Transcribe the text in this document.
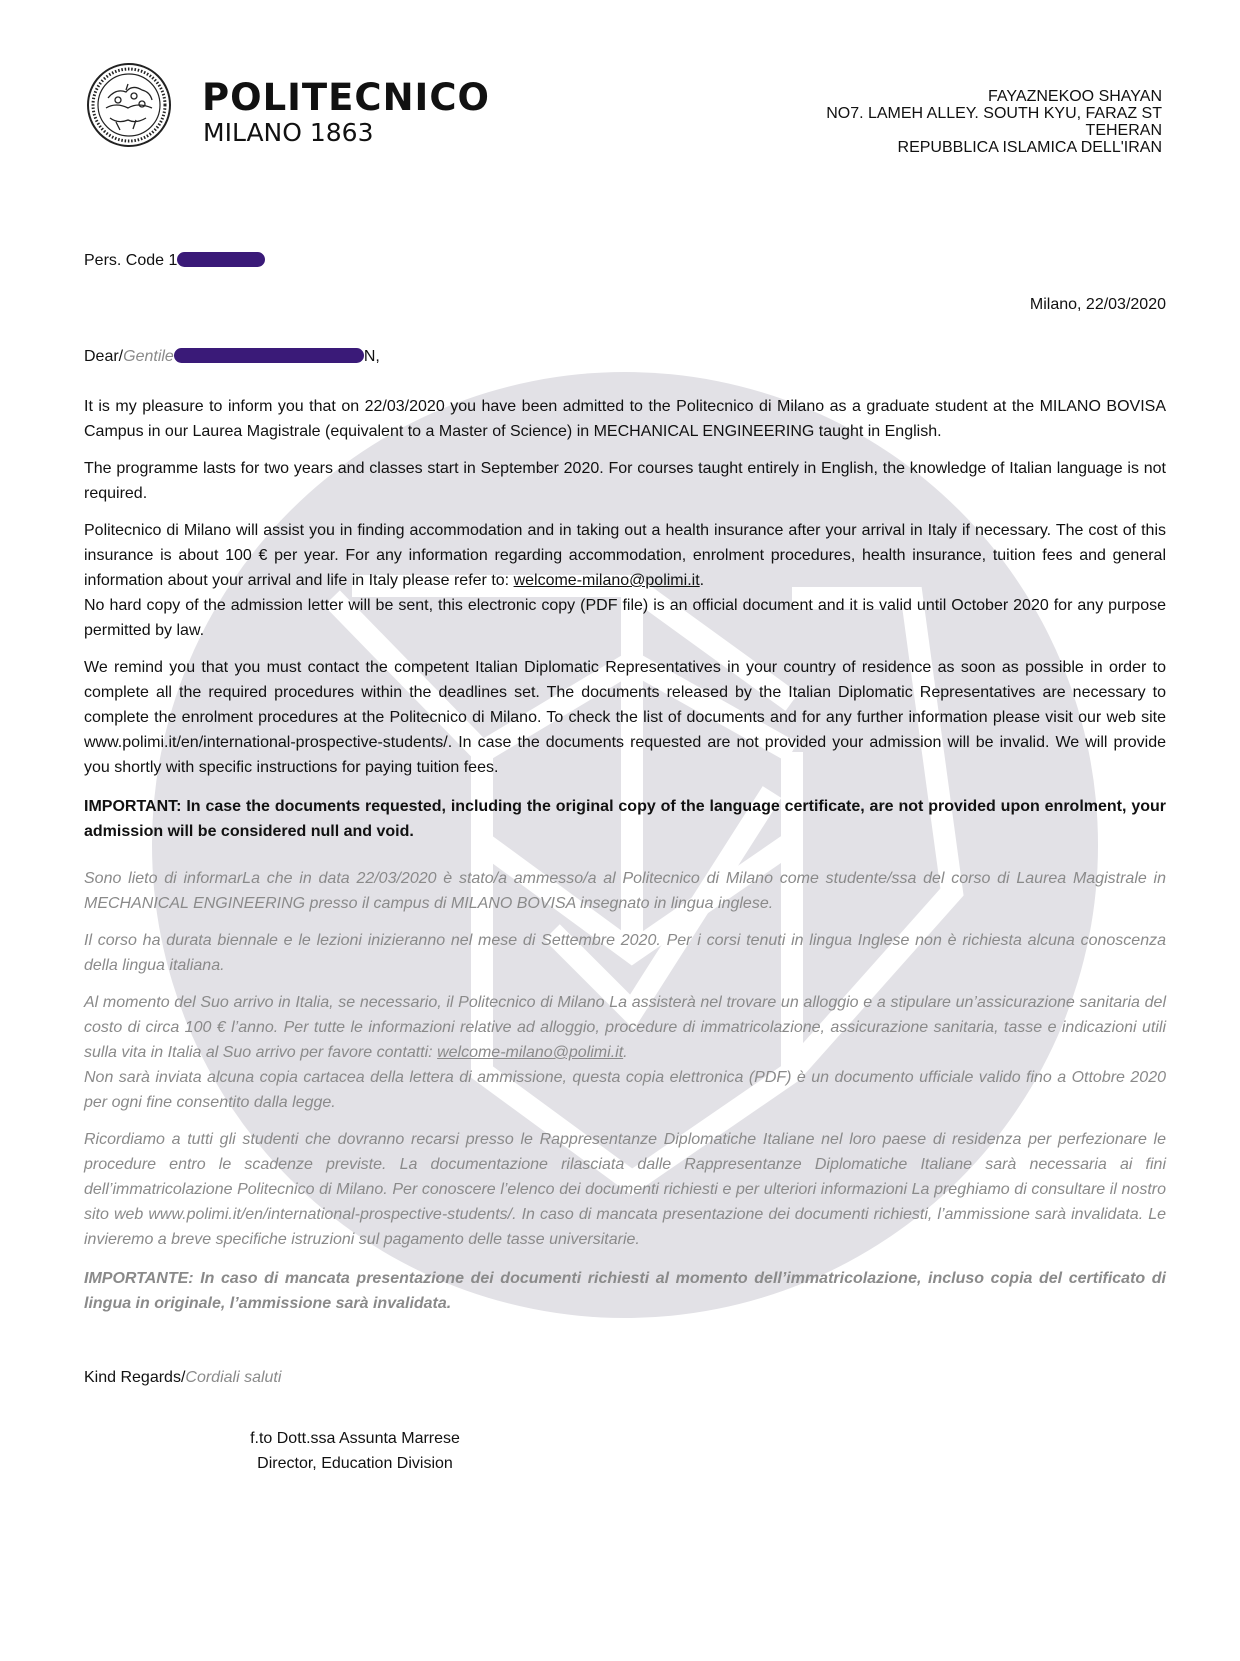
POLITECNICO
MILANO 1863
FAYAZNEKOO SHAYAN
NO7. LAMEH ALLEY. SOUTH KYU, FARAZ ST
TEHERAN
REPUBBLICA ISLAMICA DELL'IRAN
Pers. Code 1
Milano, 22/03/2020
Dear/Gentile	N,

It is my pleasure to inform you that on 22/03/2020 you have been admitted to the Politecnico di Milano as a graduate student at the MILANO BOVISA Campus in our Laurea Magistrale (equivalent to a Master of Science) in MECHANICAL ENGINEERING taught in English.

The programme lasts for two years and classes start in September 2020. For courses taught entirely in English, the knowledge of Italian language is not required.

Politecnico di Milano will assist you in finding accommodation and in taking out a health insurance after your arrival in Italy if necessary. The cost of this insurance is about 100 € per year. For any information regarding accommodation, enrolment procedures, health insurance, tuition fees and general information about your arrival and life in Italy please refer to: welcome-milano@polimi.it.

No hard copy of the admission letter will be sent, this electronic copy (PDF file) is an official document and it is valid until October 2020 for any purpose permitted by law.

We remind you that you must contact the competent Italian Diplomatic Representatives in your country of residence as soon as possible in order to complete all the required procedures within the deadlines set. The documents released by the Italian Diplomatic Representatives are necessary to complete the enrolment procedures at the Politecnico di Milano. To check the list of documents and for any further information please visit our web site www.polimi.it/en/international-prospective-students/. In case the documents requested are not provided your admission will be invalid. We will provide you shortly with specific instructions for paying tuition fees.

IMPORTANT: In case the documents requested, including the original copy of the language certificate, are not provided upon enrolment, your admission will be considered null and void.

Sono lieto di informarLa che in data 22/03/2020 è stato/a ammesso/a al Politecnico di Milano come studente/ssa del corso di Laurea Magistrale in MECHANICAL ENGINEERING presso il campus di MILANO BOVISA insegnato in lingua inglese.

Il corso ha durata biennale e le lezioni inizieranno nel mese di Settembre 2020. Per i corsi tenuti in lingua Inglese non è richiesta alcuna conoscenza della lingua italiana.

Al momento del Suo arrivo in Italia, se necessario, il Politecnico di Milano La assisterà nel trovare un alloggio e a stipulare un’assicurazione sanitaria del costo di circa 100 € l’anno. Per tutte le informazioni relative ad alloggio, procedure di immatricolazione, assicurazione sanitaria, tasse e indicazioni utili sulla vita in Italia al Suo arrivo per favore contatti: welcome-milano@polimi.it.

Non sarà inviata alcuna copia cartacea della lettera di ammissione, questa copia elettronica (PDF) è un documento ufficiale valido fino a Ottobre 2020 per ogni fine consentito dalla legge.

Ricordiamo a tutti gli studenti che dovranno recarsi presso le Rappresentanze Diplomatiche Italiane nel loro paese di residenza per perfezionare le procedure entro le scadenze previste. La documentazione rilasciata dalle Rappresentanze Diplomatiche Italiane sarà necessaria ai fini dell’immatricolazione Politecnico di Milano. Per conoscere l’elenco dei documenti richiesti e per ulteriori informazioni La preghiamo di consultare il nostro sito web www.polimi.it/en/international-prospective-students/. In caso di mancata presentazione dei documenti richiesti, l’ammissione sarà invalidata. Le invieremo a breve specifiche istruzioni sul pagamento delle tasse universitarie.

IMPORTANTE: In caso di mancata presentazione dei documenti richiesti al momento dell’immatricolazione, incluso copia del certificato di lingua in originale, l’ammissione sarà invalidata.

Kind Regards/Cordiali saluti
f.to Dott.ssa Assunta Marrese
Director, Education Division
